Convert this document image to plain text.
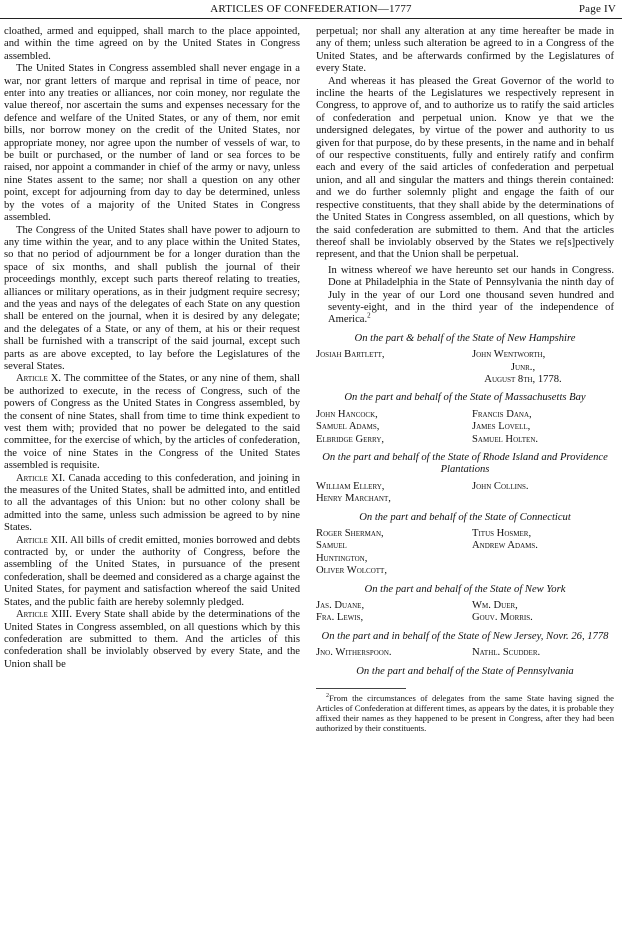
ARTICLES OF CONFEDERATION—1777	Page IV

cloathed, armed and equipped, shall march to the place appointed, and within the time agreed on by the United States in Congress assembled.

The United States in Congress assembled shall never engage in a war, nor grant letters of marque and reprisal in time of peace, nor enter into any treaties or alliances, nor coin money, nor regulate the value thereof, nor ascertain the sums and expenses necessary for the defence and welfare of the United States, or any of them, nor emit bills, nor borrow money on the credit of the United States, nor appropriate money, nor agree upon the number of vessels of war, to be built or purchased, or the number of land or sea forces to be raised, nor appoint a commander in chief of the army or navy, unless nine States assent to the same; nor shall a question on any other point, except for adjourning from day to day be determined, unless by the votes of a majority of the United States in Congress assembled.

The Congress of the United States shall have power to adjourn to any time within the year, and to any place within the United States, so that no period of adjournment be for a longer duration than the space of six months, and shall publish the journal of their proceedings monthly, except such parts thereof relating to treaties, alliances or military operations, as in their judgment require secresy; and the yeas and nays of the delegates of each State on any question shall be entered on the journal, when it is desired by any delegate; and the delegates of a State, or any of them, at his or their request shall be furnished with a transcript of the said journal, except such parts as are above excepted, to lay before the Legislatures of the several States.

Article X. The committee of the States, or any nine of them, shall be authorized to execute, in the recess of Congress, such of the powers of Congress as the United States in Congress assembled, by the consent of nine States, shall from time to time think expedient to vest them with; provided that no power be delegated to the said committee, for the exercise of which, by the articles of confederation, the voice of nine States in the Congress of the United States assembled is requisite.

Article XI. Canada acceding to this confederation, and joining in the measures of the United States, shall be admitted into, and entitled to all the advantages of this Union: but no other colony shall be admitted into the same, unless such admission be agreed to by nine States.

Article XII. All bills of credit emitted, monies borrowed and debts contracted by, or under the authority of Congress, before the assembling of the United States, in pursuance of the present confederation, shall be deemed and considered as a charge against the United States, for payment and satisfaction whereof the said United States, and the public faith are hereby solemnly pledged.

Article XIII. Every State shall abide by the determinations of the United States in Congress assembled, on all questions which by this confederation are submitted to them. And the articles of this confederation shall be inviolably observed by every State, and the Union shall be

perpetual; nor shall any alteration at any time hereafter be made in any of them; unless such alteration be agreed to in a Congress of the United States, and be afterwards confirmed by the Legislatures of every State.

And whereas it has pleased the Great Governor of the world to incline the hearts of the Legislatures we respectively represent in Congress, to approve of, and to authorize us to ratify the said articles of confederation and perpetual union. Know ye that we the undersigned delegates, by virtue of the power and authority to us given for that purpose, do by these presents, in the name and in behalf of our respective constituents, fully and entirely ratify and confirm each and every of the said articles of confederation and perpetual union, and all and singular the matters and things therein contained: and we do further solemnly plight and engage the faith of our respective constituents, that they shall abide by the determinations of the United States in Congress assembled, on all questions, which by the said confederation are submitted to them. And that the articles thereof shall be inviolably observed by the States we re[s]pectively represent, and that the Union shall be perpetual.

In witness whereof we have hereunto set our hands in Congress. Done at Philadelphia in the State of Pennsylvania the ninth day of July in the year of our Lord one thousand seven hundred and seventy-eight, and in the third year of the independence of America.$^2$

On the part & behalf of the State of New Hampshire
Josiah Bartlett,	John Wentworth,
Junr.,
August 8th, 1778.
On the part and behalf of the State of Massachusetts Bay
John Hancock,	Francis Dana,
Samuel Adams,	James Lovell,
Elbridge Gerry,	Samuel Holten.
On the part and behalf of the State of Rhode Island and Providence Plantations
William Ellery,	John Collins.
Henry Marchant,
On the part and behalf of the State of Connecticut
Roger Sherman,	Titus Hosmer,
Samuel	Andrew Adams.
Huntington,
Oliver Wolcott,
On the part and behalf of the State of New York
Jas. Duane,	Wm. Duer,
Fra. Lewis,	Gouv. Morris.
On the part and in behalf of the State of New Jersey, Novr. 26, 1778
Jno. Witherspoon.	Nathl. Scudder.
On the part and behalf of the State of Pennsylvania

$^2$From the circumstances of delegates from the same State having signed the Articles of Confederation at different times, as appears by the dates, it is probable they affixed their names as they happened to be present in Congress, after they had been authorized by their constituents.
